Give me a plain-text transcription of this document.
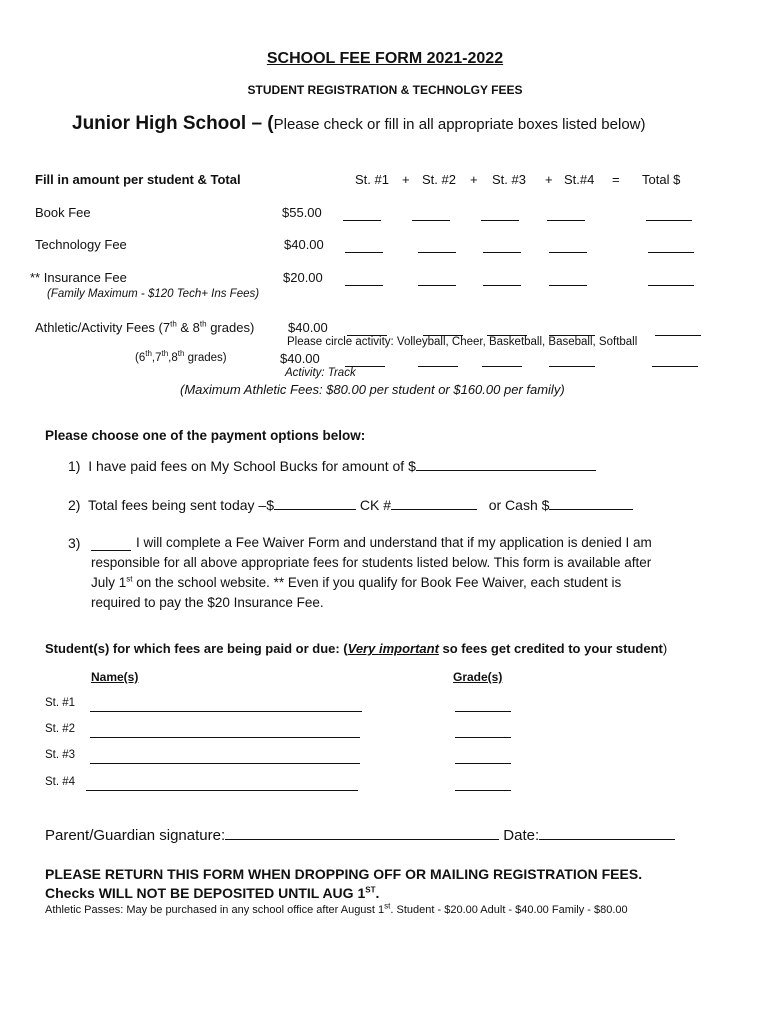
SCHOOL FEE FORM 2021-2022
STUDENT REGISTRATION & TECHNOLGY FEES
Junior High School – (Please check or fill in all appropriate boxes listed below)
Fill in amount per student & Total	St. #1 + St. #2 + St. #3 + St.#4 = Total $
Book Fee	$55.00
Technology Fee	$40.00
** Insurance Fee	$20.00
(Family Maximum - $120 Tech+ Ins Fees)
Athletic/Activity Fees (7th & 8th grades)	$40.00
Please circle activity: Volleyball, Cheer, Basketball, Baseball, Softball
(6th,7th,8th grades)	$40.00
Activity: Track
(Maximum Athletic Fees: $80.00 per student or $160.00 per family)
Please choose one of the payment options below:
1) I have paid fees on My School Bucks for amount of $
2) Total fees being sent today –$	CK #	or Cash $
3)	I will complete a Fee Waiver Form and understand that if my application is denied I am
responsible for all above appropriate fees for students listed below. This form is available after
July 1st on the school website. ** Even if you qualify for Book Fee Waiver, each student is
required to pay the $20 Insurance Fee.
Student(s) for which fees are being paid or due: (Very important so fees get credited to your student)
Name(s)	Grade(s)
St. #1
St. #2
St. #3
St. #4
Parent/Guardian signature:	Date:
PLEASE RETURN THIS FORM WHEN DROPPING OFF OR MAILING REGISTRATION FEES.
Checks WILL NOT BE DEPOSITED UNTIL AUG 1ST.
Athletic Passes: May be purchased in any school office after August 1st. Student - $20.00 Adult - $40.00 Family - $80.00
